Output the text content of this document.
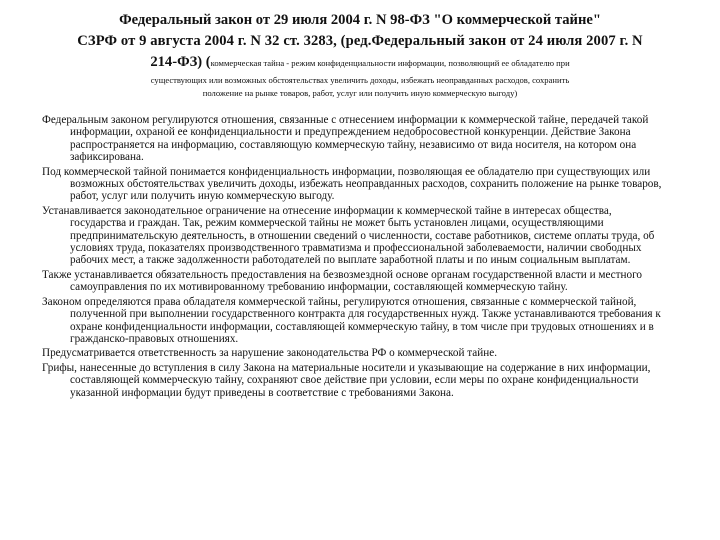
Федеральный закон от 29 июля 2004 г. N 98-ФЗ "О коммерческой тайне"
СЗРФ от 9 августа 2004 г. N 32 ст. 3283, (ред.Федеральный закон от 24 июля 2007 г. N
214-ФЗ) (коммерческая тайна - режим конфиденциальности информации, позволяющий ее обладателю при
существующих или возможных обстоятельствах увеличить доходы, избежать неоправданных расходов, сохранить
положение на рынке товаров, работ, услуг или получить иную коммерческую выгоду)

Федеральным законом регулируются отношения, связанные с отнесением информации к коммерческой тайне, передачей такой информации, охраной ее конфиденциальности и предупреждением недобросовестной конкуренции. Действие Закона распространяется на информацию, составляющую коммерческую тайну, независимо от вида носителя, на котором она зафиксирована.

Под коммерческой тайной понимается конфиденциальность информации, позволяющая ее обладателю при существующих или возможных обстоятельствах увеличить доходы, избежать неоправданных расходов, сохранить положение на рынке товаров, работ, услуг или получить иную коммерческую выгоду.

Устанавливается законодательное ограничение на отнесение информации к коммерческой тайне в интересах общества, государства и граждан. Так, режим коммерческой тайны не может быть установлен лицами, осуществляющими предпринимательскую деятельность, в отношении сведений о численности, составе работников, системе оплаты труда, об условиях труда, показателях производственного травматизма и профессиональной заболеваемости, наличии свободных рабочих мест, а также задолженности работодателей по выплате заработной платы и по иным социальным выплатам.

Также устанавливается обязательность предоставления на безвозмездной основе органам государственной власти и местного самоуправления по их мотивированному требованию информации, составляющей коммерческую тайну.

Законом определяются права обладателя коммерческой тайны, регулируются отношения, связанные с коммерческой тайной, полученной при выполнении государственного контракта для государственных нужд. Также устанавливаются требования к охране конфиденциальности информации, составляющей коммерческую тайну, в том числе при трудовых отношениях и в гражданско-правовых отношениях.

Предусматривается ответственность за нарушение законодательства РФ о коммерческой тайне.

Грифы, нанесенные до вступления в силу Закона на материальные носители и указывающие на содержание в них информации, составляющей коммерческую тайну, сохраняют свое действие при условии, если меры по охране конфиденциальности указанной информации будут приведены в соответствие с требованиями Закона.
